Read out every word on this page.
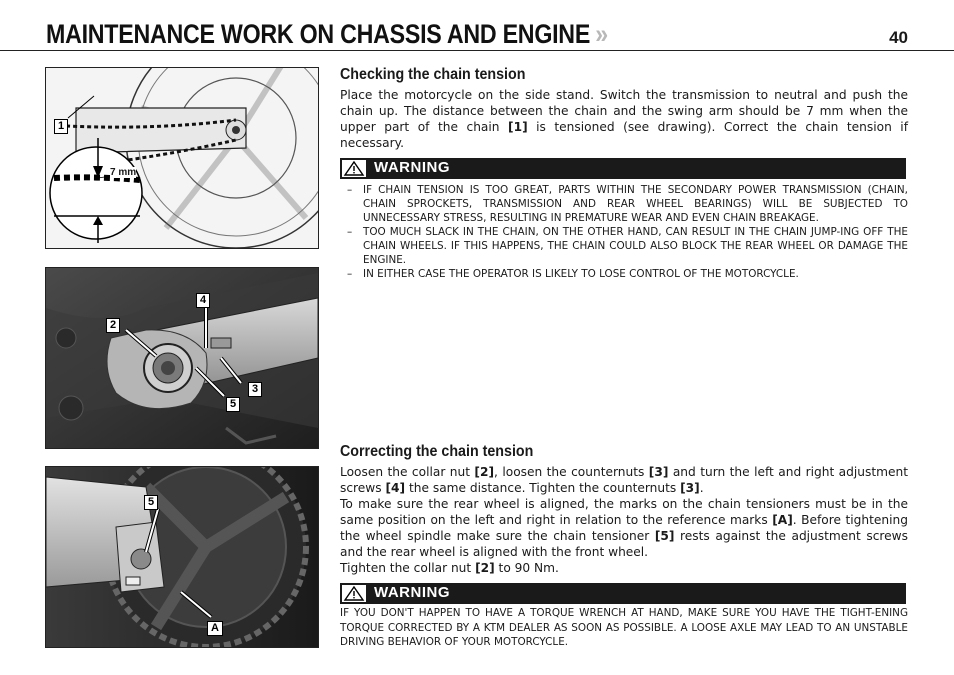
MAINTENANCE WORK ON CHASSIS AND ENGINE »	40
1
7 mm
4
2
3
5
5
A
Checking the chain tension

Place the motorcycle on the side stand. Switch the transmission to neutral and push the chain up. The distance between the chain and the swing arm should be 7 mm when the upper part of the chain [1] is tensioned (see drawing). Correct the chain tension if necessary.

WARNING
– IF CHAIN TENSION IS TOO GREAT, PARTS WITHIN THE SECONDARY POWER TRANSMISSION (CHAIN, CHAIN SPROCKETS, TRANSMISSION AND REAR WHEEL BEARINGS) WILL BE SUBJECTED TO UNNECESSARY STRESS, RESULTING IN PREMATURE WEAR AND EVEN CHAIN BREAKAGE.
– TOO MUCH SLACK IN THE CHAIN, ON THE OTHER HAND, CAN RESULT IN THE CHAIN JUMP-ING OFF THE CHAIN WHEELS. IF THIS HAPPENS, THE CHAIN COULD ALSO BLOCK THE REAR WHEEL OR DAMAGE THE ENGINE.
– IN EITHER CASE THE OPERATOR IS LIKELY TO LOSE CONTROL OF THE MOTORCYCLE.
Correcting the chain tension

Loosen the collar nut [2], loosen the counternuts [3] and turn the left and right adjustment screws [4] the same distance. Tighten the counternuts [3].

To make sure the rear wheel is aligned, the marks on the chain tensioners must be in the same position on the left and right in relation to the reference marks [A]. Before tightening the wheel spindle make sure the chain tensioner [5] rests against the adjustment screws and the rear wheel is aligned with the front wheel.

Tighten the collar nut [2] to 90 Nm.

WARNING

IF YOU DON'T HAPPEN TO HAVE A TORQUE WRENCH AT HAND, MAKE SURE YOU HAVE THE TIGHT-ENING TORQUE CORRECTED BY A KTM DEALER AS SOON AS POSSIBLE. A LOOSE AXLE MAY LEAD TO AN UNSTABLE DRIVING BEHAVIOR OF YOUR MOTORCYCLE.
